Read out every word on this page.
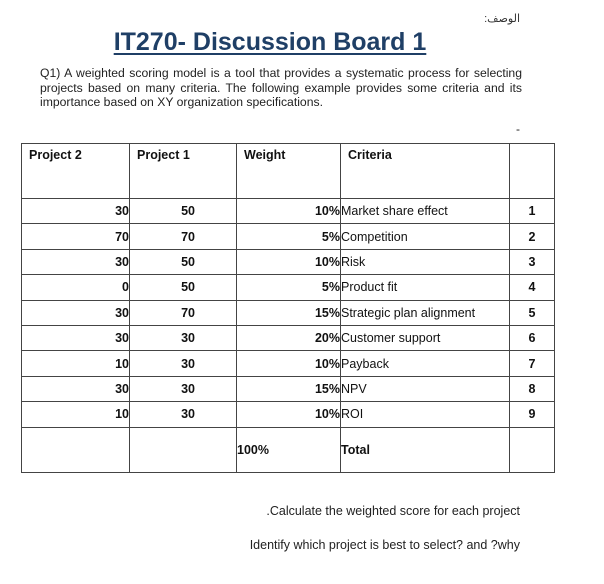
الوصف:
IT270- Discussion Board 1
Q1) A weighted scoring model is a tool that provides a systematic process for selecting projects based on many criteria. The following example provides some criteria and its importance based on XY organization specifications.
-
Project 2	Project 1	Weight	Criteria	
30	50	10%	Market share effect	1
70	70	5%	Competition	2
30	50	10%	Risk	3
0	50	5%	Product fit	4
30	70	15%	Strategic plan alignment	5
30	30	20%	Customer support	6
10	30	10%	Payback	7
30	30	15%	NPV	8
10	30	10%	ROI	9
		100%	Total	
.Calculate the weighted score for each project
Identify which project is best to select? and ?why
